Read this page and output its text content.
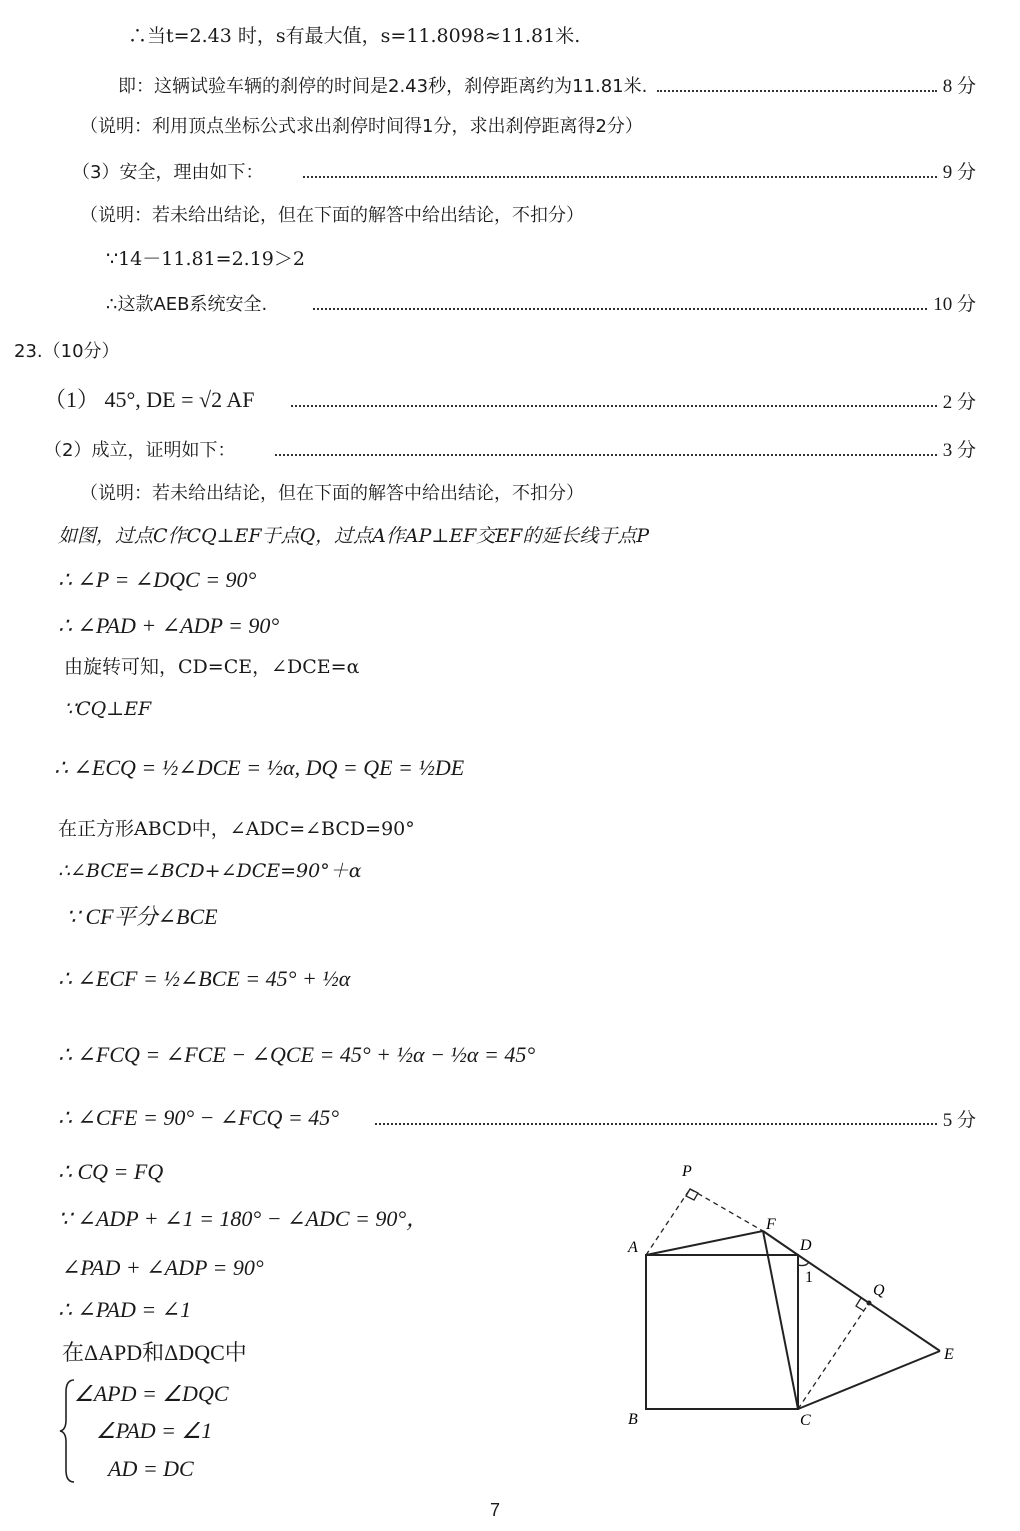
∴当t=2.43 时，s有最大值，s=11.8098≈11.81米.
即：这辆试验车辆的刹停的时间是2.43秒，刹停距离约为11.81米.	8 分
（说明：利用顶点坐标公式求出刹停时间得1分，求出刹停距离得2分）
（3）安全，理由如下：	9 分
（说明：若未给出结论，但在下面的解答中给出结论，不扣分）
∵14－11.81=2.19＞2
∴这款AEB系统安全.	10 分
23.（10分）
（1） 45°, DE = √2 AF	2 分
（2）成立，证明如下：	3 分
（说明：若未给出结论，但在下面的解答中给出结论，不扣分）
如图，过点C作CQ⊥EF于点Q，过点A作AP⊥EF交EF的延长线于点P
∴ ∠P = ∠DQC = 90°
∴ ∠PAD + ∠ADP = 90°
由旋转可知，CD=CE，∠DCE=α
∵CQ⊥EF
∴ ∠ECQ = ½∠DCE = ½α, DQ = QE = ½DE
在正方形ABCD中，∠ADC=∠BCD=90°
∴∠BCE=∠BCD+∠DCE=90°＋α
∵ CF平分∠BCE
∴ ∠ECF = ½∠BCE = 45° + ½α
∴ ∠FCQ = ∠FCE − ∠QCE = 45° + ½α − ½α = 45°
∴ ∠CFE = 90° − ∠FCQ = 45°	5 分
∴ CQ = FQ
∵ ∠ADP + ∠1 = 180° − ∠ADC = 90°，
∠PAD + ∠ADP = 90°
∴ ∠PAD = ∠1
在ΔAPD和ΔDQC中
∠APD = ∠DQC
∠PAD = ∠1
AD = DC
P
F
A	D
1
Q
E
B	C
7
